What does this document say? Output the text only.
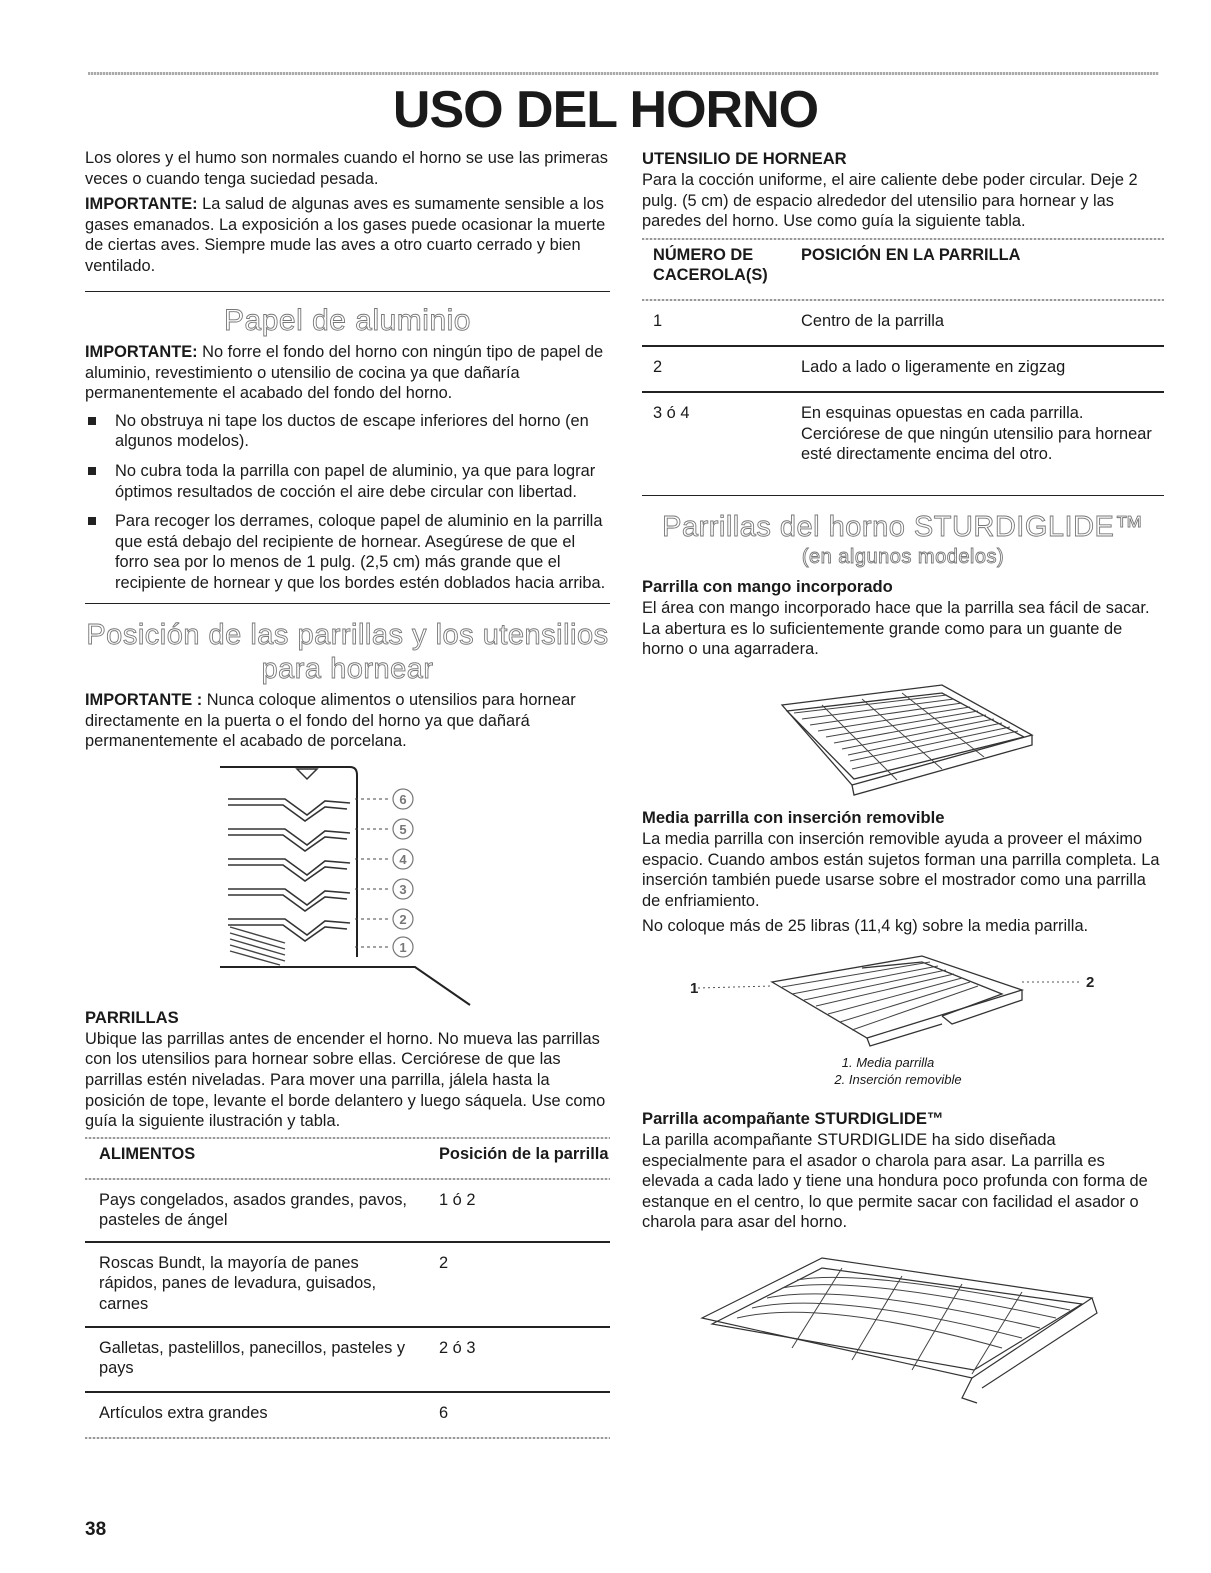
USO DEL HORNO

Los olores y el humo son normales cuando el horno se use las primeras veces o cuando tenga suciedad pesada.

IMPORTANTE: La salud de algunas aves es sumamente sensible a los gases emanados. La exposición a los gases puede ocasionar la muerte de ciertas aves. Siempre mude las aves a otro cuarto cerrado y bien ventilado.

Papel de aluminio

IMPORTANTE: No forre el fondo del horno con ningún tipo de papel de aluminio, revestimiento o utensilio de cocina ya que dañaría permanentemente el acabado del fondo del horno.

No obstruya ni tape los ductos de escape inferiores del horno (en algunos modelos).
No cubra toda la parrilla con papel de aluminio, ya que para lograr óptimos resultados de cocción el aire debe circular con libertad.
Para recoger los derrames, coloque papel de aluminio en la parrilla que está debajo del recipiente de hornear. Asegúrese de que el forro sea por lo menos de 1 pulg. (2,5 cm) más grande que el recipiente de hornear y que los bordes estén doblados hacia arriba.
Posición de las parrillas y los utensilios
para hornear

IMPORTANTE : Nunca coloque alimentos o utensilios para hornear directamente en la puerta o el fondo del horno ya que dañará permanentemente el acabado de porcelana.

6
5
4
3
2
1
PARRILLAS

Ubique las parrillas antes de encender el horno. No mueva las parrillas con los utensilios para hornear sobre ellas. Cerciórese de que las parrillas estén niveladas. Para mover una parrilla, jálela hasta la posición de tope, levante el borde delantero y luego sáquela. Use como guía la siguiente ilustración y tabla.

ALIMENTOS	Posición de la parrilla

Pays congelados, asados grandes, pavos, pasteles de ángel	1 ó 2

Roscas Bundt, la mayoría de panes rápidos, panes de levadura, guisados, carnes	2

Galletas, pastelillos, panecillos, pasteles y pays	2 ó 3

Artículos extra grandes	6
UTENSILIO DE HORNEAR

Para la cocción uniforme, el aire caliente debe poder circular. Deje 2 pulg. (5 cm) de espacio alrededor del utensilio para hornear y las paredes del horno. Use como guía la siguiente tabla.

NÚMERO DE CACEROLA(S)	POSICIÓN EN LA PARRILLA

1	Centro de la parrilla

2	Lado a lado o ligeramente en zigzag

3 ó 4	En esquinas opuestas en cada parrilla. Cerciórese de que ningún utensilio para hornear esté directamente encima del otro.
Parrillas del horno STURDIGLIDE™
(en algunos modelos)
Parrilla con mango incorporado

El área con mango incorporado hace que la parrilla sea fácil de sacar. La abertura es lo suficientemente grande como para un guante de horno o una agarradera.

Media parrilla con inserción removible

La media parrilla con inserción removible ayuda a proveer el máximo espacio. Cuando ambos están sujetos forman una parrilla completa. La inserción también puede usarse sobre el mostrador como una parrilla de enfriamiento.

No coloque más de 25 libras (11,4 kg) sobre la media parrilla.

1	2
1. Media parrilla
2. Inserción removible
Parrilla acompañante STURDIGLIDE™

La parilla acompañante STURDIGLIDE ha sido diseñada especialmente para el asador o charola para asar. La parrilla es elevada a cada lado y tiene una hondura poco profunda con forma de estanque en el centro, lo que permite sacar con facilidad el asador o charola para asar del horno.

38
